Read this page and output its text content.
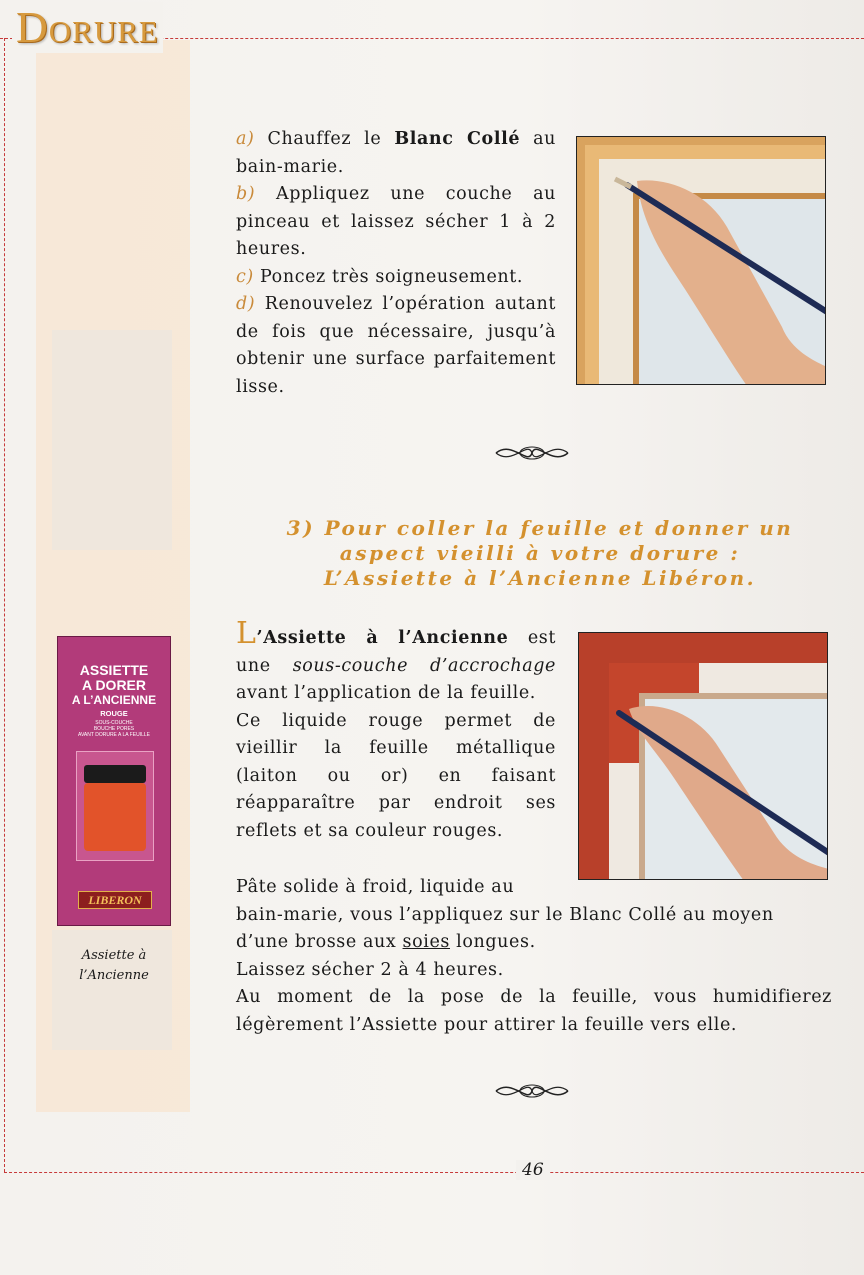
Dorure

a) Chauffez le Blanc Collé au bain-marie.

b) Appliquez une couche au pinceau et laissez sécher 1 à 2 heures.

c) Poncez très soigneusement.

d) Renouvelez l’opération autant de fois que nécessaire, jusqu’à obtenir une surface parfaitement lisse.

3) Pour coller la feuille et donner un
aspect vieilli à votre dorure :
L’Assiette à l’Ancienne Libéron.
L’Assiette à l’Ancienne est une sous-couche d’accrochage avant l’application de la feuille.
Ce liquide rouge permet de vieillir la feuille métallique (laiton ou or) en faisant réapparaître par endroit ses reflets et sa couleur rouges.
Pâte solide à froid, liquide au bain-marie, vous l’appliquez sur le Blanc Collé au moyen d’une brosse aux soies longues.
Laissez sécher 2 à 4 heures.
Au moment de la pose de la feuille, vous humidifierez légèrement l’Assiette pour attirer la feuille vers elle.
ASSIETTE
A DORER
A L’ANCIENNE
ROUGE
SOUS-COUCHE
BOUCHE PORES
AVANT DORURE A LA FEUILLE
LIBERON
Assiette à
l’Ancienne
46
